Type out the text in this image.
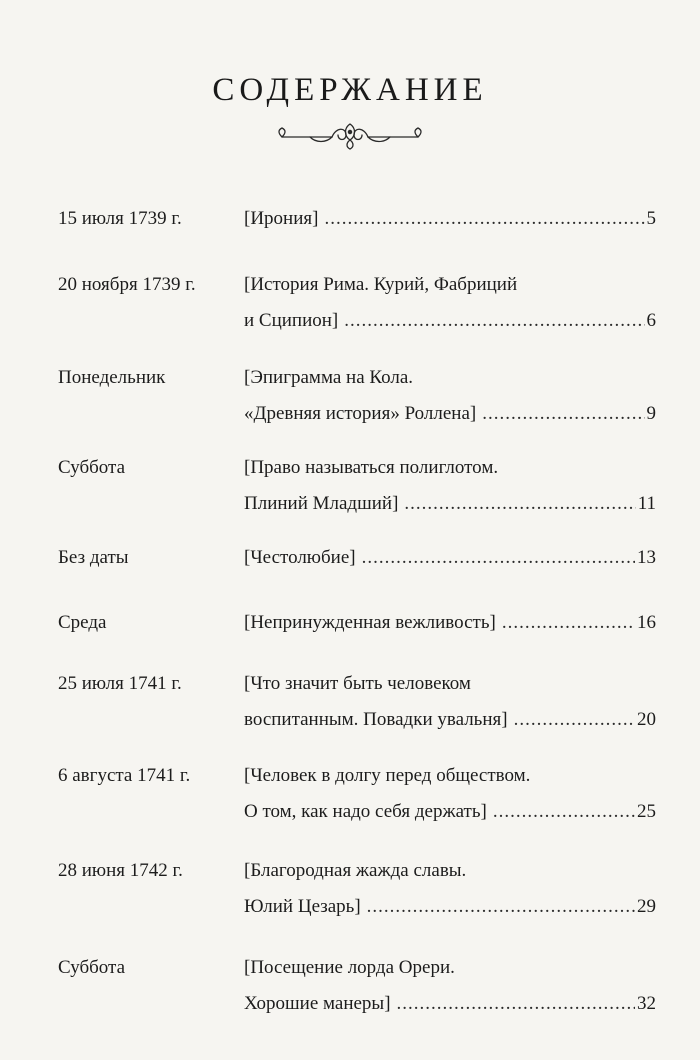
СОДЕРЖАНИЕ
15 июля 1739 г.	[Ирония] .....	5
20 ноября 1739 г.	[История Рима. Курий, Фабриций
и Сципион] .....	6
Понедельник	[Эпиграмма на Кола.
«Древняя история» Роллена] .....	9
Суббота	[Право называться полиглотом.
Плиний Младший] .....	11
Без даты	[Честолюбие] .....	13
Среда	[Непринужденная вежливость] .....	16
25 июля 1741 г.	[Что значит быть человеком
воспитанным. Повадки увальня] .....	20
6 августа 1741 г.	[Человек в долгу перед обществом.
О том, как надо себя держать] .....	25
28 июня 1742 г.	[Благородная жажда славы.
Юлий Цезарь] .....	29
Суббота	[Посещение лорда Орери.
Хорошие манеры] .....	32
